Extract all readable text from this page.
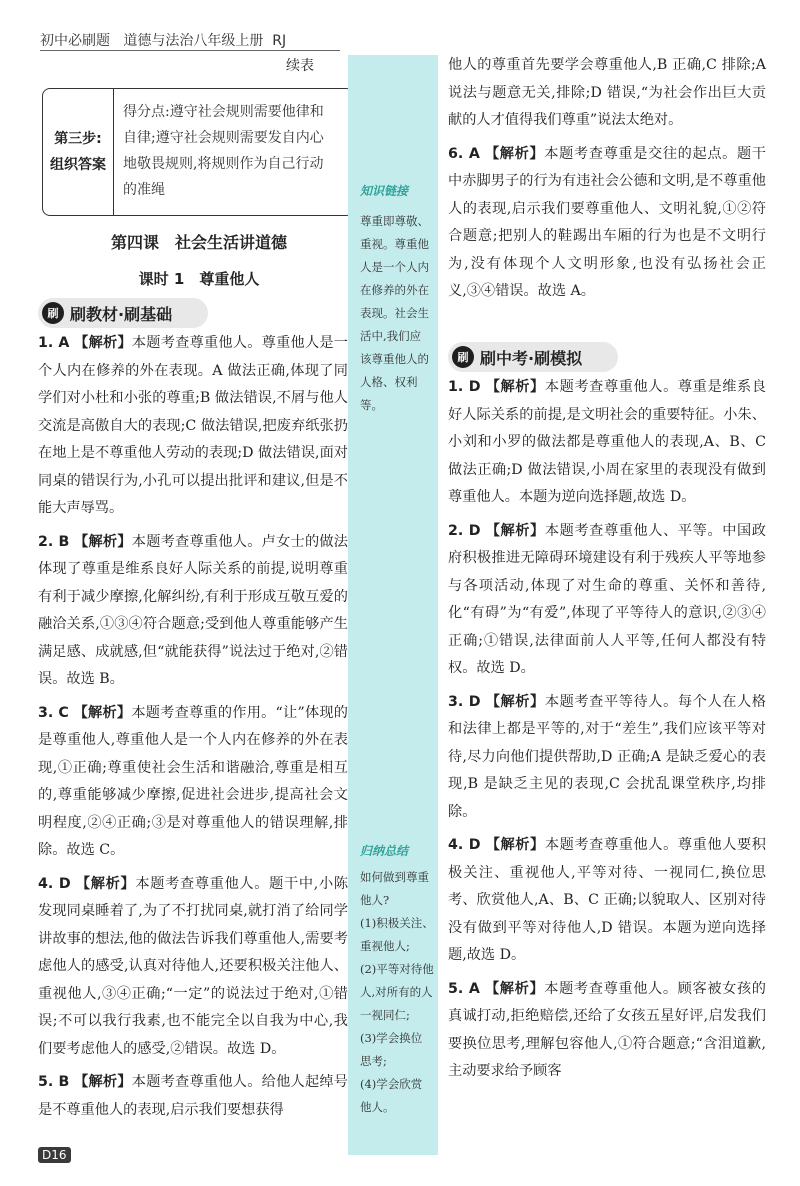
初中必刷题 道德与法治八年级上册 RJ
续表
第三步:
组织答案
得分点:遵守社会规则需要他律和
自律;遵守社会规则需要发自内心
地敬畏规则,将规则作为自己行动
的准绳
第四课　社会生活讲道德
课时 1　尊重他人
刷 刷教材·刷基础

1. A 【解析】本题考查尊重他人。尊重他人是一个人内在修养的外在表现。A 做法正确,体现了同学们对小杜和小张的尊重;B 做法错误,不屑与他人交流是高傲自大的表现;C 做法错误,把废弃纸张扔在地上是不尊重他人劳动的表现;D 做法错误,面对同桌的错误行为,小孔可以提出批评和建议,但是不能大声辱骂。

2. B 【解析】本题考查尊重他人。卢女士的做法体现了尊重是维系良好人际关系的前提,说明尊重有利于减少摩擦,化解纠纷,有利于形成互敬互爱的融洽关系,①③④符合题意;受到他人尊重能够产生满足感、成就感,但“就能获得”说法过于绝对,②错误。故选 B。

3. C 【解析】本题考查尊重的作用。“让”体现的是尊重他人,尊重他人是一个人内在修养的外在表现,①正确;尊重使社会生活和谐融洽,尊重是相互的,尊重能够减少摩擦,促进社会进步,提高社会文明程度,②④正确;③是对尊重他人的错误理解,排除。故选 C。

4. D 【解析】本题考查尊重他人。题干中,小陈发现同桌睡着了,为了不打扰同桌,就打消了给同学讲故事的想法,他的做法告诉我们尊重他人,需要考虑他人的感受,认真对待他人,还要积极关注他人、重视他人,③④正确;“一定”的说法过于绝对,①错误;不可以我行我素,也不能完全以自我为中心,我们要考虑他人的感受,②错误。故选 D。

5. B 【解析】本题考查尊重他人。给他人起绰号是不尊重他人的表现,启示我们要想获得

知识链接
尊重即尊敬、
重视。尊重他
人是一个人内
在修养的外在
表现。社会生
活中,我们应
该尊重他人的
人格、权利等。
归纳总结
如何做到尊重
他人?
(1)积极关注、
重视他人;
(2)平等对待他
人,对所有的人
一视同仁;
(3)学会换位
思考;
(4)学会欣赏
他人。

他人的尊重首先要学会尊重他人,B 正确,C 排除;A 说法与题意无关,排除;D 错误,“为社会作出巨大贡献的人才值得我们尊重”说法太绝对。

6. A 【解析】本题考查尊重是交往的起点。题干中赤脚男子的行为有违社会公德和文明,是不尊重他人的表现,启示我们要尊重他人、文明礼貌,①②符合题意;把别人的鞋踢出车厢的行为也是不文明行为,没有体现个人文明形象,也没有弘扬社会正义,③④错误。故选 A。

刷 刷中考·刷模拟

1. D 【解析】本题考查尊重他人。尊重是维系良好人际关系的前提,是文明社会的重要特征。小朱、小刘和小罗的做法都是尊重他人的表现,A、B、C 做法正确;D 做法错误,小周在家里的表现没有做到尊重他人。本题为逆向选择题,故选 D。

2. D 【解析】本题考查尊重他人、平等。中国政府积极推进无障碍环境建设有利于残疾人平等地参与各项活动,体现了对生命的尊重、关怀和善待,化“有碍”为“有爱”,体现了平等待人的意识,②③④正确;①错误,法律面前人人平等,任何人都没有特权。故选 D。

3. D 【解析】本题考查平等待人。每个人在人格和法律上都是平等的,对于“差生”,我们应该平等对待,尽力向他们提供帮助,D 正确;A 是缺乏爱心的表现,B 是缺乏主见的表现,C 会扰乱课堂秩序,均排除。

4. D 【解析】本题考查尊重他人。尊重他人要积极关注、重视他人,平等对待、一视同仁,换位思考、欣赏他人,A、B、C 正确;以貌取人、区别对待没有做到平等对待他人,D 错误。本题为逆向选择题,故选 D。

5. A 【解析】本题考查尊重他人。顾客被女孩的真诚打动,拒绝赔偿,还给了女孩五星好评,启发我们要换位思考,理解包容他人,①符合题意;“含泪道歉,主动要求给予顾客

D16
